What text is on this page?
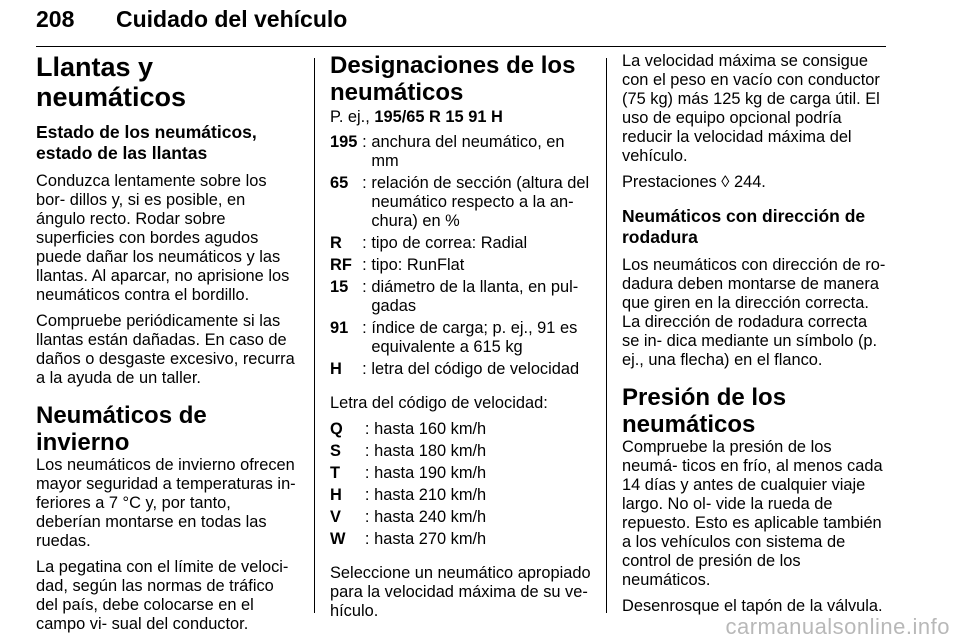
208 Cuidado del vehículo
Llantas y neumáticos
Estado de los neumáticos, estado de las llantas

Conduzca lentamente sobre los bor- dillos y, si es posible, en ángulo recto. Rodar sobre superficies con bordes agudos puede dañar los neumáticos y las llantas. Al aparcar, no aprisione los neumáticos contra el bordillo.

Compruebe periódicamente si las llantas están dañadas. En caso de daños o desgaste excesivo, recurra a la ayuda de un taller.

Neumáticos de invierno

Los neumáticos de invierno ofrecen mayor seguridad a temperaturas in- feriores a 7 °C y, por tanto, deberían montarse en todas las ruedas.

La pegatina con el límite de veloci- dad, según las normas de tráfico del país, debe colocarse en el campo vi- sual del conductor.

Designaciones de los neumáticos

P. ej., 195/65 R 15 91 H

195	:	anchura del neumático, en mm
65	:	relación de sección (altura del neumático respecto a la an- chura) en %
R	:	tipo de correa: Radial
RF	:	tipo: RunFlat
15	:	diámetro de la llanta, en pul- gadas
91	:	índice de carga; p. ej., 91 es equivalente a 615 kg
H	:	letra del código de velocidad

Letra del código de velocidad:

Q	:	hasta 160 km/h
S	:	hasta 180 km/h
T	:	hasta 190 km/h
H	:	hasta 210 km/h
V	:	hasta 240 km/h
W	:	hasta 270 km/h

Seleccione un neumático apropiado para la velocidad máxima de su ve- hículo.

La velocidad máxima se consigue con el peso en vacío con conductor (75 kg) más 125 kg de carga útil. El uso de equipo opcional podría reducir la velocidad máxima del vehículo.

Prestaciones ◊ 244.

Neumáticos con dirección de rodadura

Los neumáticos con dirección de ro- dadura deben montarse de manera que giren en la dirección correcta. La dirección de rodadura correcta se in- dica mediante un símbolo (p. ej., una flecha) en el flanco.

Presión de los neumáticos

Compruebe la presión de los neumá- ticos en frío, al menos cada 14 días y antes de cualquier viaje largo. No ol- vide la rueda de repuesto. Esto es aplicable también a los vehículos con sistema de control de presión de los neumáticos.

Desenrosque el tapón de la válvula.

carmanualsonline.info
